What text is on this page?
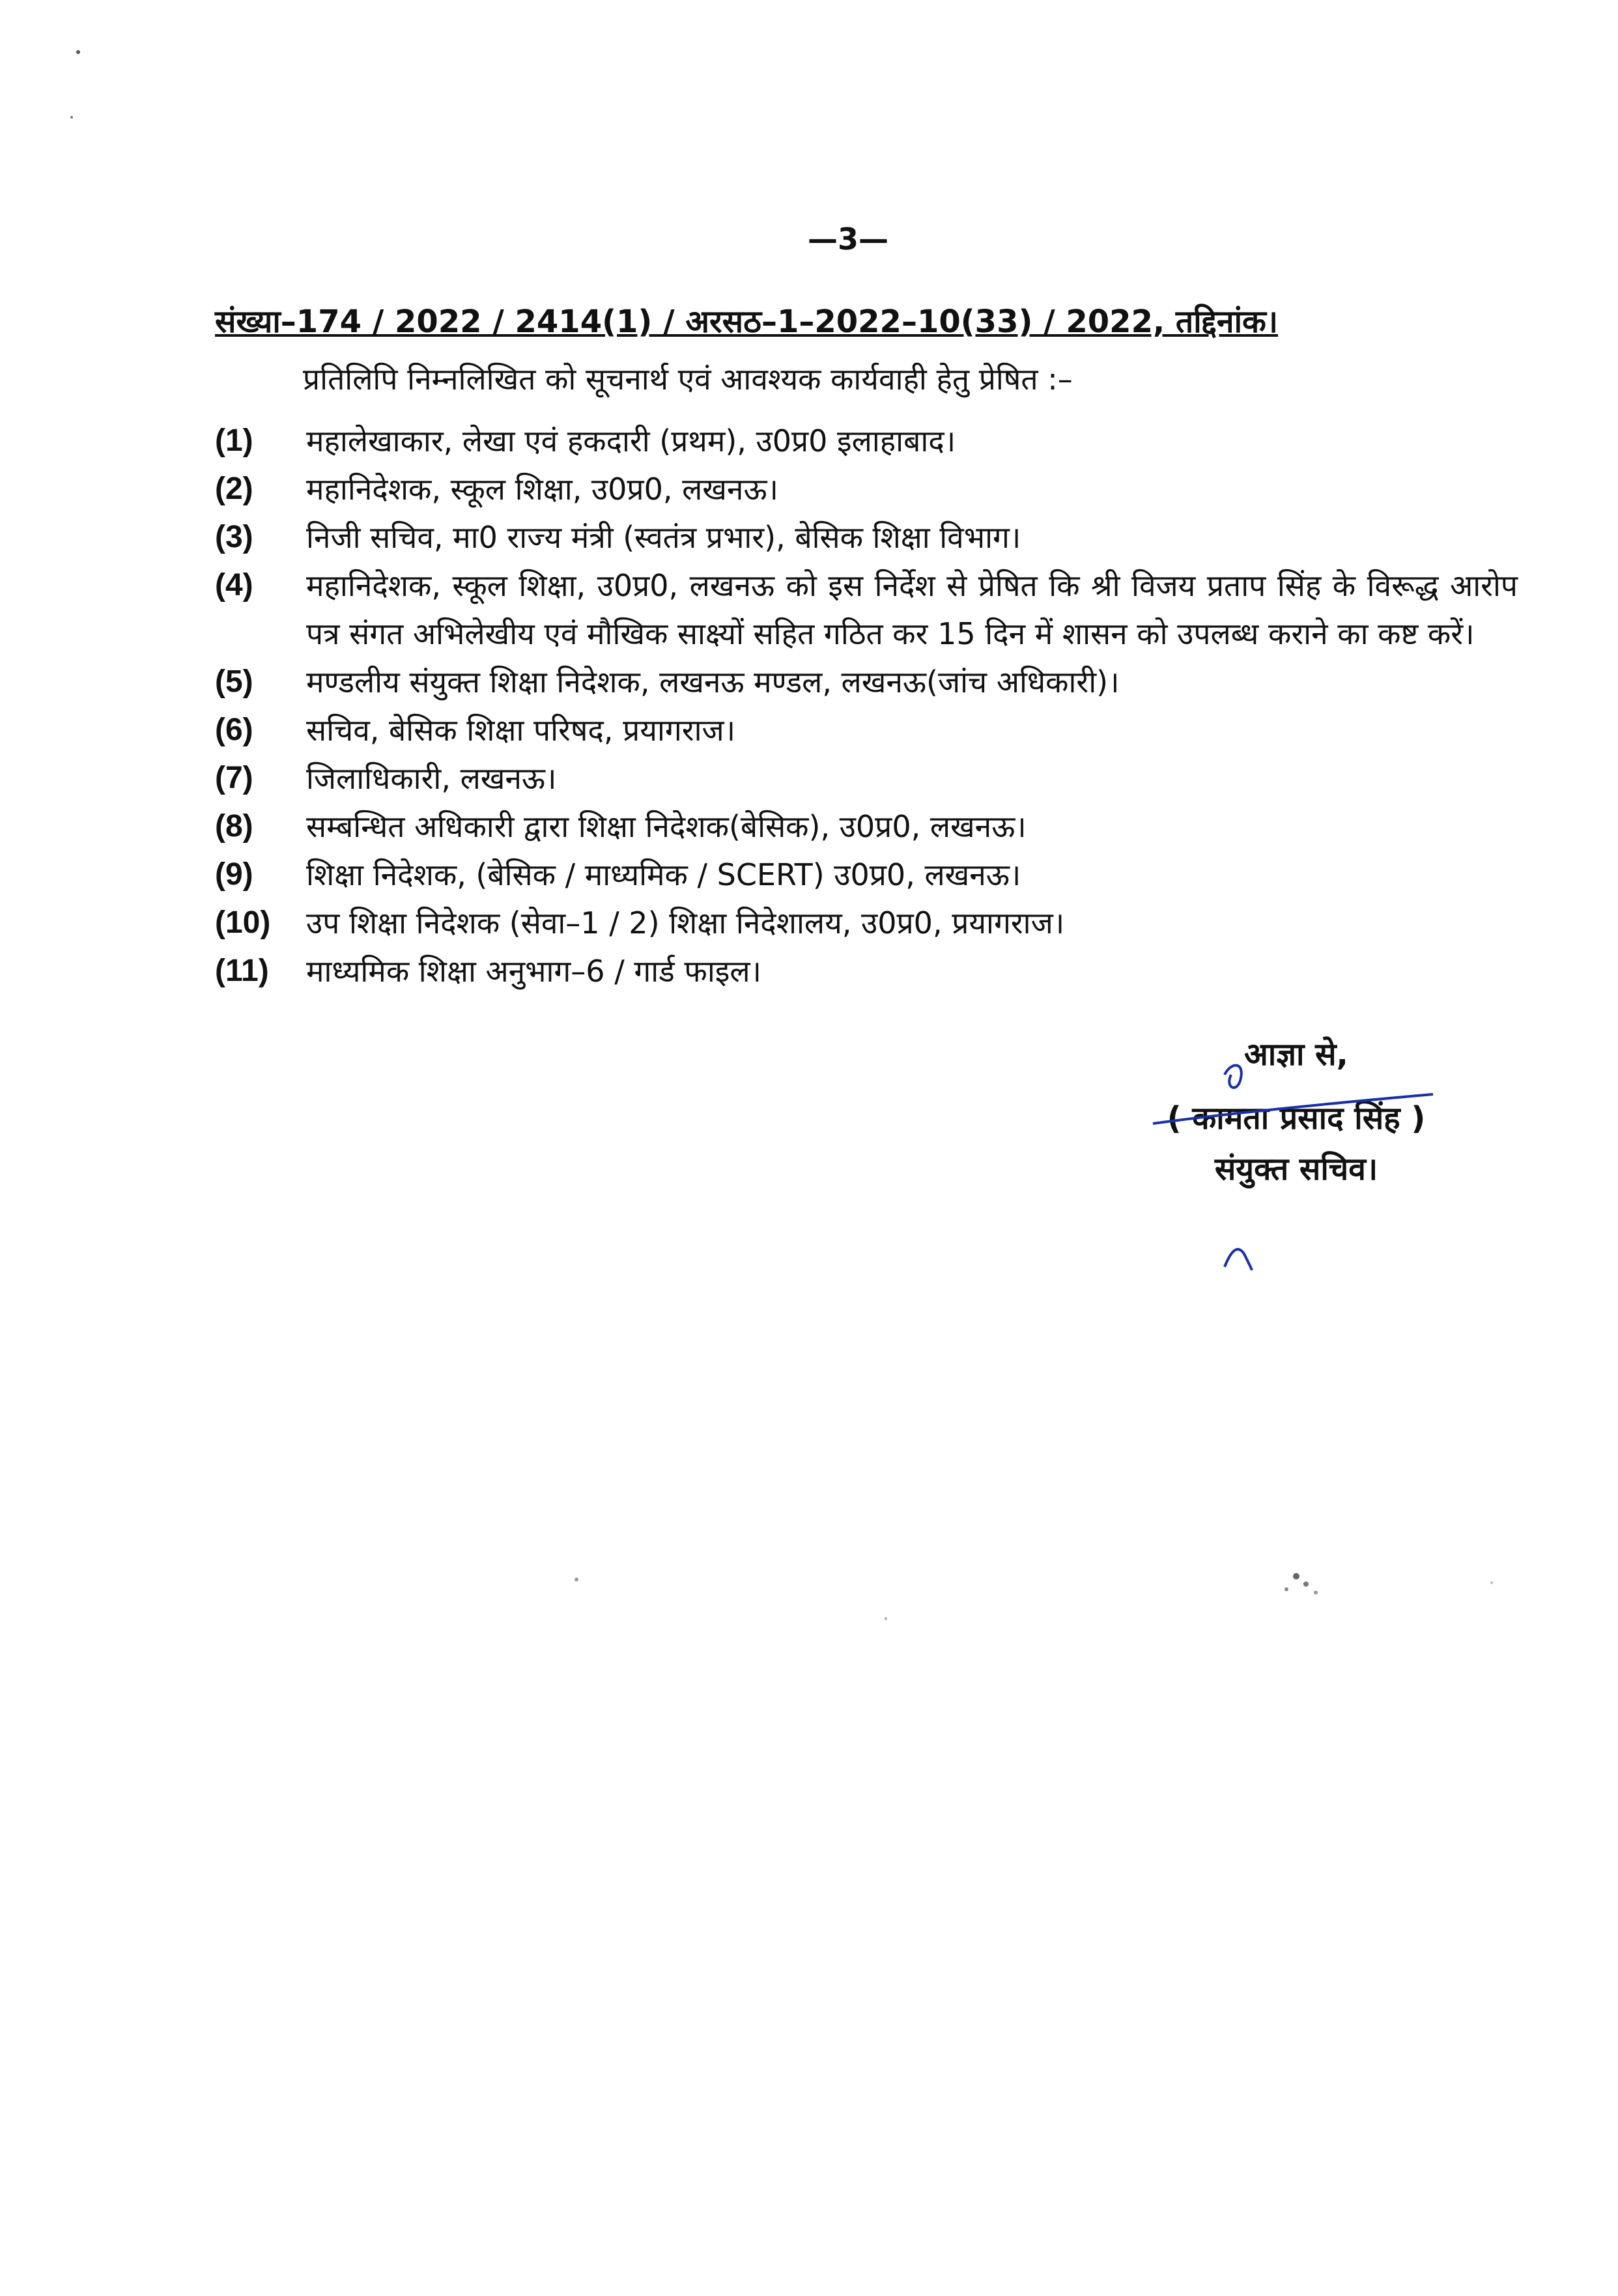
—3—
संख्या–174 / 2022 / 2414(1) / अरसठ–1–2022–10(33) / 2022, तद्दिनांक।
प्रतिलिपि निम्नलिखित को सूचनार्थ एवं आवश्यक कार्यवाही हेतु प्रेषित :–
(1)	महालेखाकार, लेखा एवं हकदारी (प्रथम), उ0प्र0 इलाहाबाद।
(2)	महानिदेशक, स्कूल शिक्षा, उ0प्र0, लखनऊ।
(3)	निजी सचिव, मा0 राज्य मंत्री (स्वतंत्र प्रभार), बेसिक शिक्षा विभाग।
(4)	महानिदेशक, स्कूल शिक्षा, उ0प्र0, लखनऊ को इस निर्देश से प्रेषित कि श्री विजय प्रताप सिंह के विरूद्ध आरोप पत्र संगत अभिलेखीय एवं मौखिक साक्ष्यों सहित गठित कर 15 दिन में शासन को उपलब्ध कराने का कष्ट करें।
(5)	मण्डलीय संयुक्त शिक्षा निदेशक, लखनऊ मण्डल, लखनऊ(जांच अधिकारी)।
(6)	सचिव, बेसिक शिक्षा परिषद, प्रयागराज।
(7)	जिलाधिकारी, लखनऊ।
(8)	सम्बन्धित अधिकारी द्वारा शिक्षा निदेशक(बेसिक), उ0प्र0, लखनऊ।
(9)	शिक्षा निदेशक, (बेसिक / माध्यमिक / SCERT) उ0प्र0, लखनऊ।
(10)	उप शिक्षा निदेशक (सेवा–1 / 2) शिक्षा निदेशालय, उ0प्र0, प्रयागराज।
(11)	माध्यमिक शिक्षा अनुभाग–6 / गार्ड फाइल।
आज्ञा से,
( कामता प्रसाद सिंह )
संयुक्त सचिव।
